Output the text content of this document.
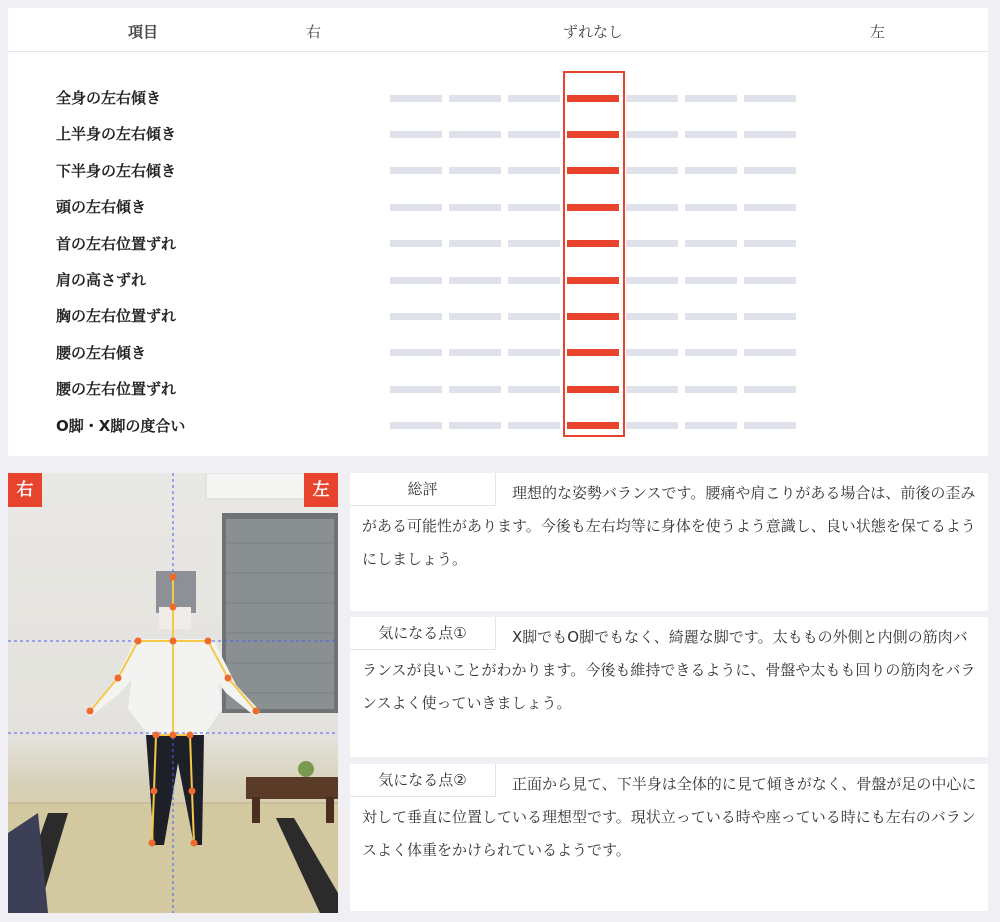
項目	右	ずれなし	左
全身の左右傾き
上半身の左右傾き
下半身の左右傾き
頭の左右傾き
首の左右位置ずれ
肩の高さずれ
胸の左右位置ずれ
腰の左右傾き
腰の左右位置ずれ
O脚・X脚の度合い
右	左	総評	理想的な姿勢バランスです。腰痛や肩こりがある場合は、前後の歪みがある可能性があります。今後も左右均等に身体を使うよう意識し、良い状態を保てるようにしましょう。

気になる点①	X脚でもO脚でもなく、綺麗な脚です。太ももの外側と内側の筋肉バランスが良いことがわかります。今後も維持できるように、骨盤や太もも回りの筋肉をバランスよく使っていきましょう。

気になる点②	正面から見て、下半身は全体的に見て傾きがなく、骨盤が足の中心に対して垂直に位置している理想型です。現状立っている時や座っている時にも左右のバランスよく体重をかけられているようです。
